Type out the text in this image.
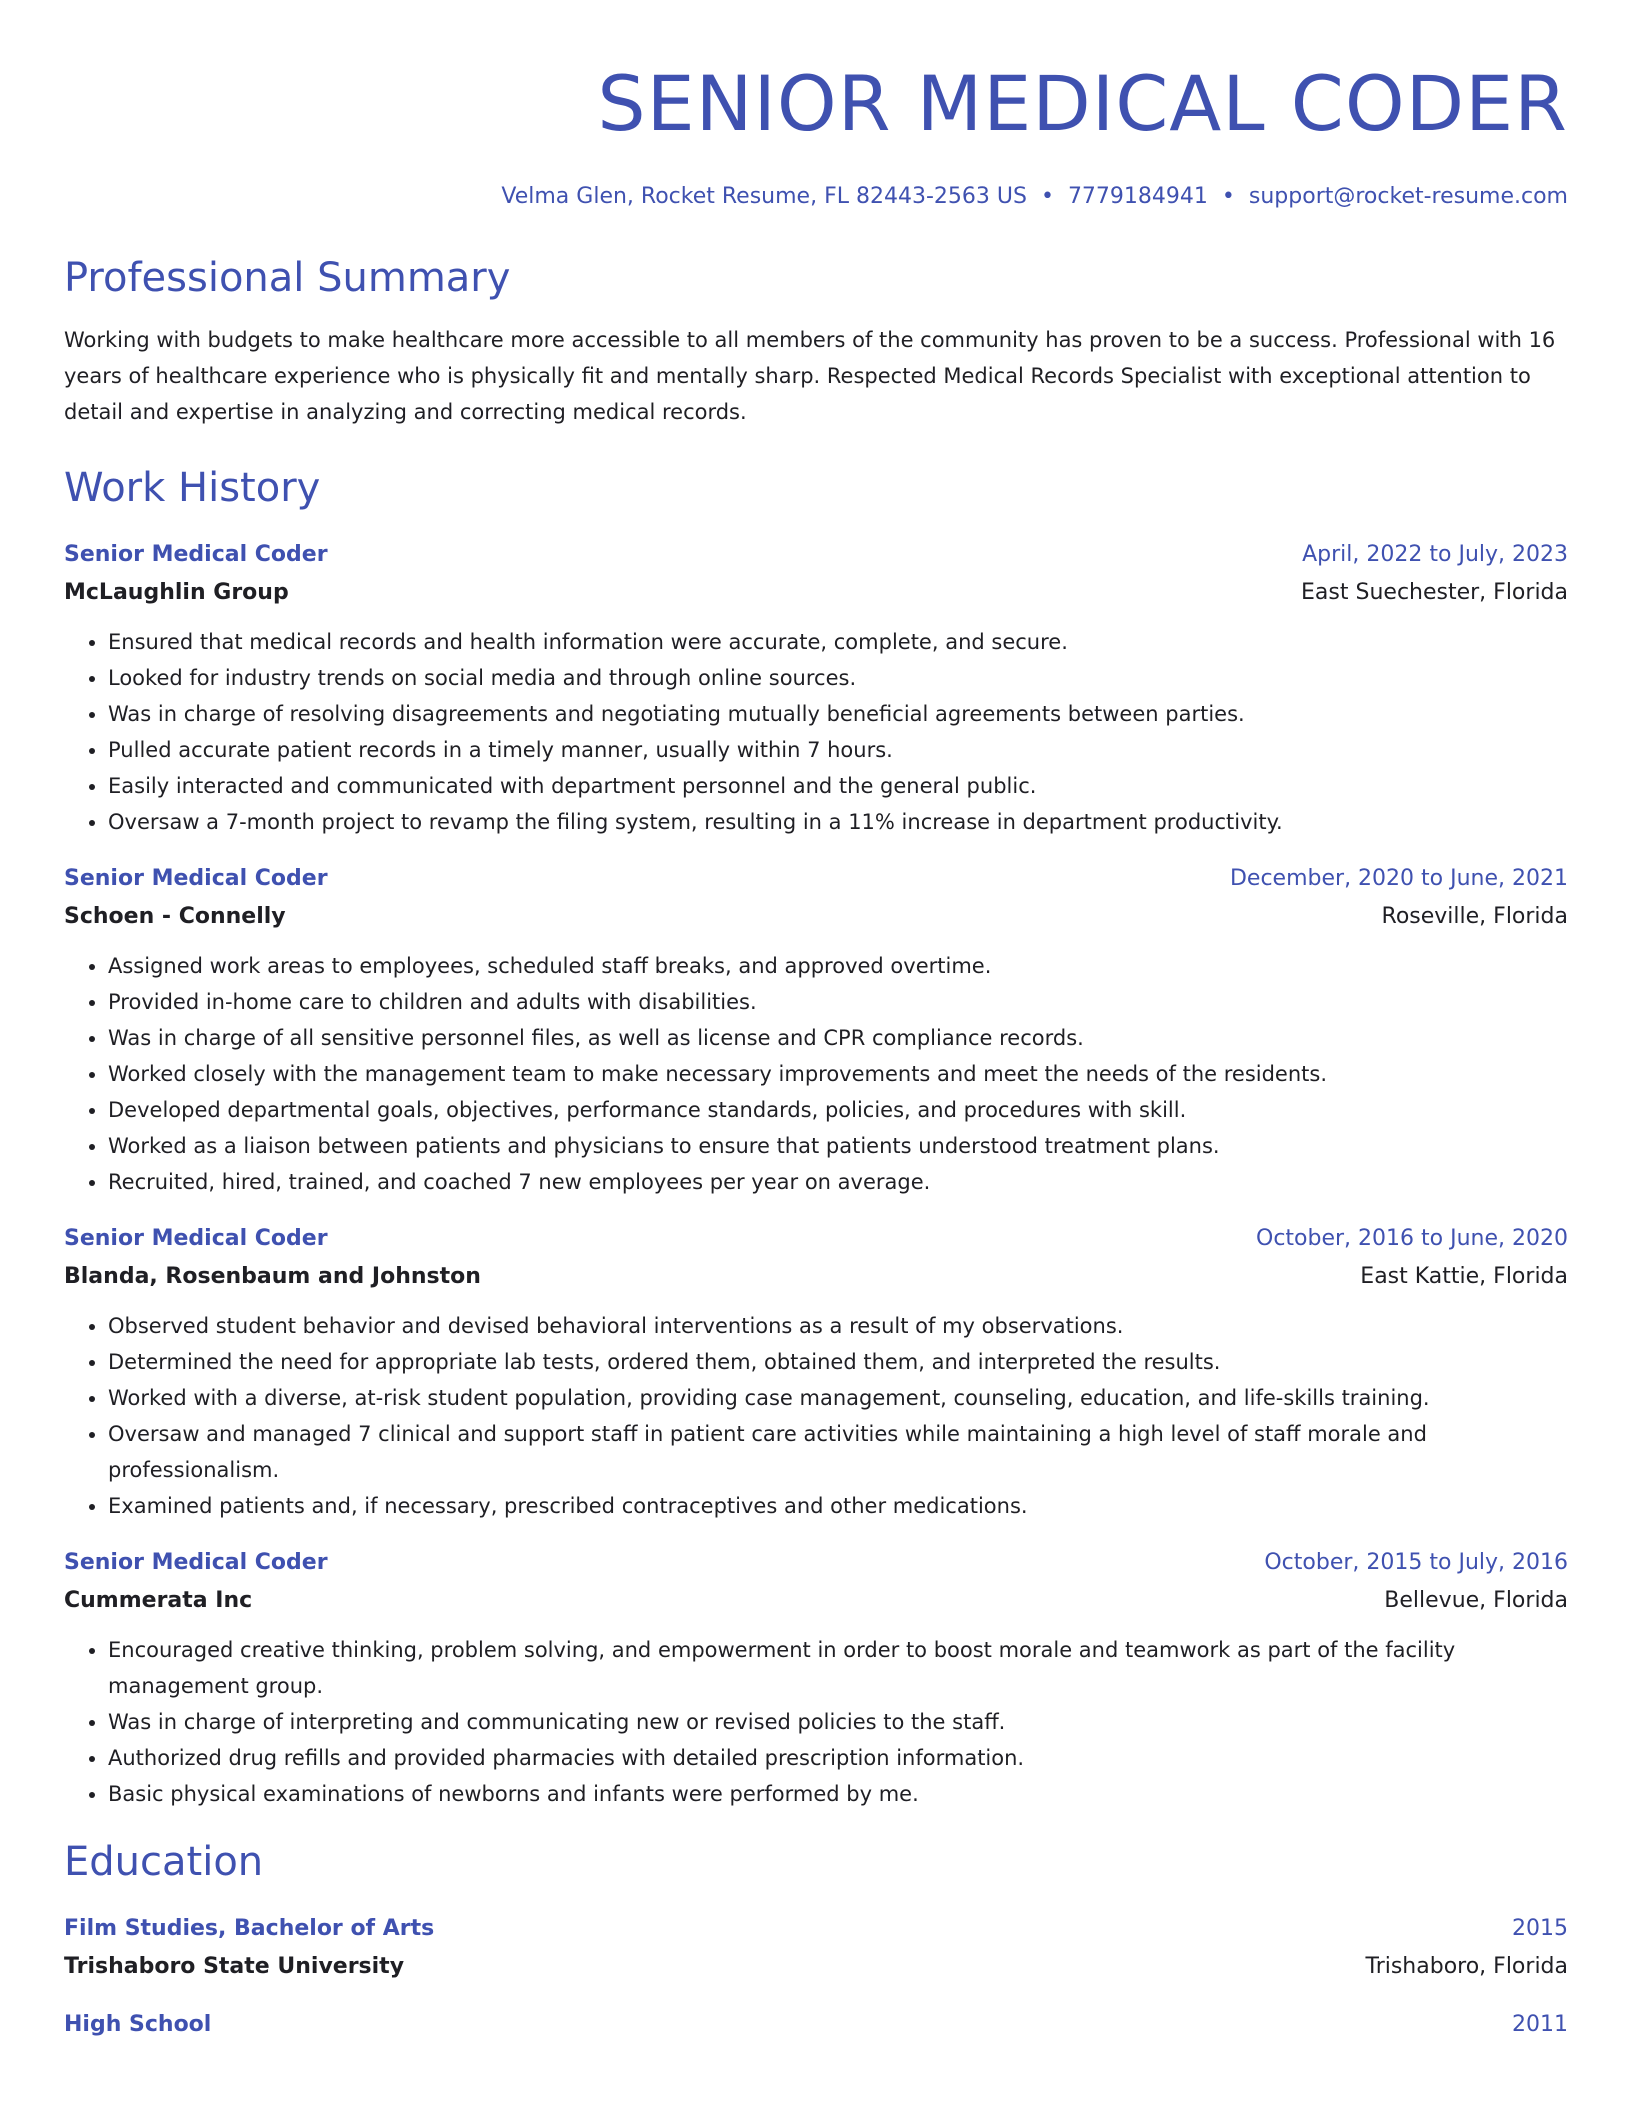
SENIOR MEDICAL CODER
Velma Glen, Rocket Resume, FL 82443-2563 US • 7779184941 • support@rocket-resume.com
Professional Summary
Working with budgets to make healthcare more accessible to all members of the community has proven to be a success. Professional with 16 years of healthcare experience who is physically fit and mentally sharp. Respected Medical Records Specialist with exceptional attention to detail and expertise in analyzing and correcting medical records.
Work History
Senior Medical Coder	April, 2022 to July, 2023
McLaughlin Group	East Suechester, Florida
• Ensured that medical records and health information were accurate, complete, and secure.
• Looked for industry trends on social media and through online sources.
• Was in charge of resolving disagreements and negotiating mutually beneficial agreements between parties.
• Pulled accurate patient records in a timely manner, usually within 7 hours.
• Easily interacted and communicated with department personnel and the general public.
• Oversaw a 7-month project to revamp the filing system, resulting in a 11% increase in department productivity.
Senior Medical Coder	December, 2020 to June, 2021
Schoen - Connelly	Roseville, Florida
• Assigned work areas to employees, scheduled staff breaks, and approved overtime.
• Provided in-home care to children and adults with disabilities.
• Was in charge of all sensitive personnel files, as well as license and CPR compliance records.
• Worked closely with the management team to make necessary improvements and meet the needs of the residents.
• Developed departmental goals, objectives, performance standards, policies, and procedures with skill.
• Worked as a liaison between patients and physicians to ensure that patients understood treatment plans.
• Recruited, hired, trained, and coached 7 new employees per year on average.
Senior Medical Coder	October, 2016 to June, 2020
Blanda, Rosenbaum and Johnston	East Kattie, Florida
• Observed student behavior and devised behavioral interventions as a result of my observations.
• Determined the need for appropriate lab tests, ordered them, obtained them, and interpreted the results.
• Worked with a diverse, at-risk student population, providing case management, counseling, education, and life-skills training.
• Oversaw and managed 7 clinical and support staff in patient care activities while maintaining a high level of staff morale and professionalism.
• Examined patients and, if necessary, prescribed contraceptives and other medications.
Senior Medical Coder	October, 2015 to July, 2016
Cummerata Inc	Bellevue, Florida
• Encouraged creative thinking, problem solving, and empowerment in order to boost morale and teamwork as part of the facility management group.
• Was in charge of interpreting and communicating new or revised policies to the staff.
• Authorized drug refills and provided pharmacies with detailed prescription information.
• Basic physical examinations of newborns and infants were performed by me.
Education
Film Studies, Bachelor of Arts	2015
Trishaboro State University	Trishaboro, Florida
High School	2011
